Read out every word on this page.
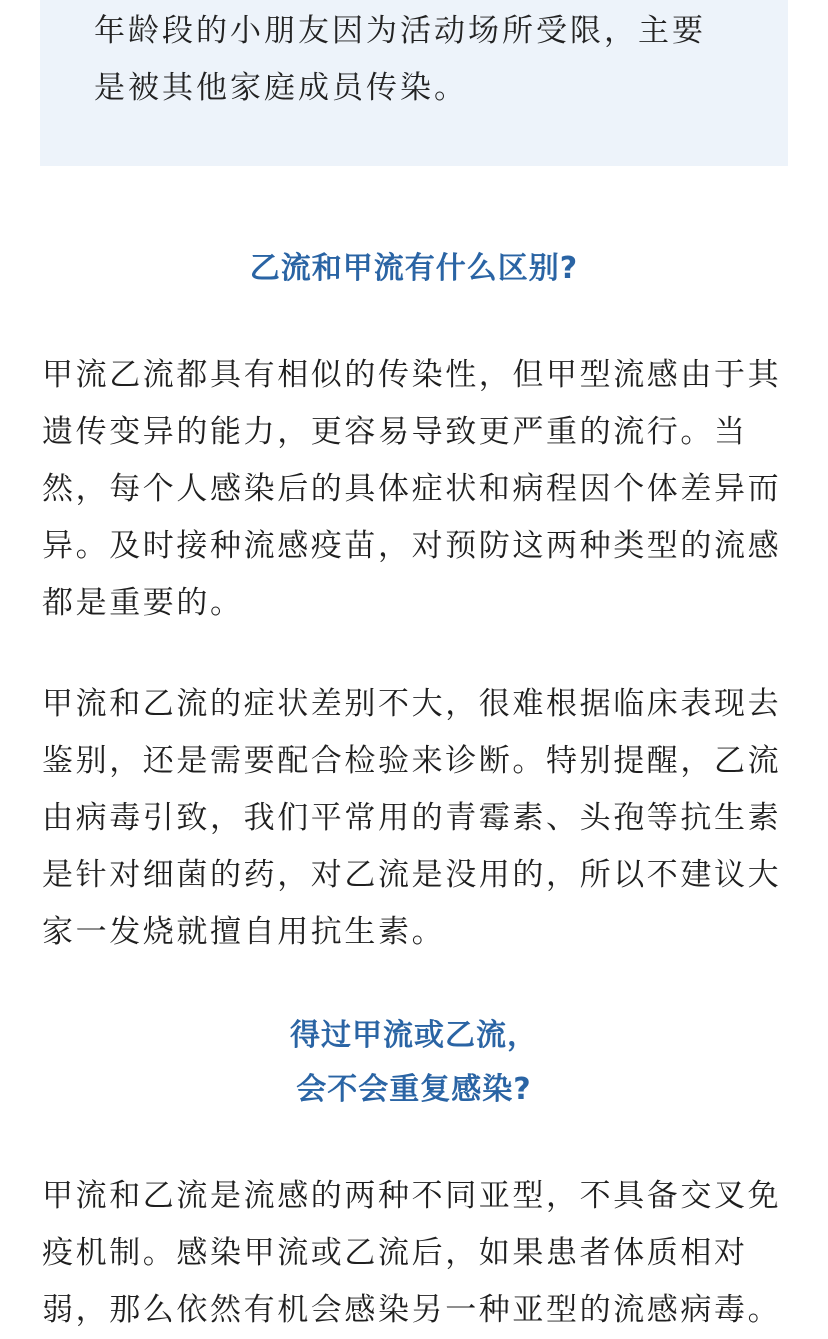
年龄段的小朋友因为活动场所受限，主要
是被其他家庭成员传染。

乙流和甲流有什么区别?

甲流乙流都具有相似的传染性，但甲型流感由于其
遗传变异的能力，更容易导致更严重的流行。当
然，每个人感染后的具体症状和病程因个体差异而
异。及时接种流感疫苗，对预防这两种类型的流感
都是重要的。

甲流和乙流的症状差别不大，很难根据临床表现去
鉴别，还是需要配合检验来诊断。特别提醒，乙流
由病毒引致，我们平常用的青霉素、头孢等抗生素
是针对细菌的药，对乙流是没用的，所以不建议大
家一发烧就擅自用抗生素。

得过甲流或乙流，
会不会重复感染?

甲流和乙流是流感的两种不同亚型，不具备交叉免
疫机制。感染甲流或乙流后，如果患者体质相对
弱，那么依然有机会感染另一种亚型的流感病毒。
